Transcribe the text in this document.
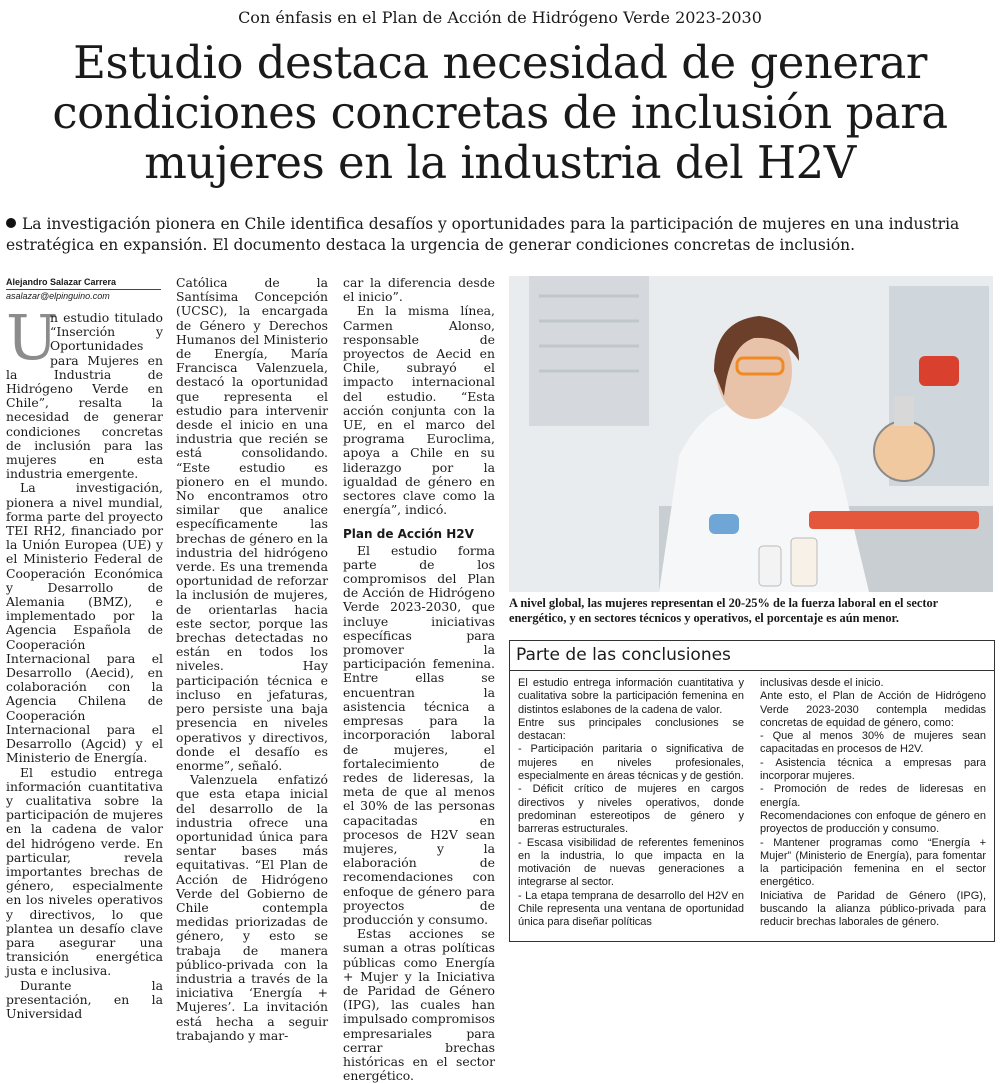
Con énfasis en el Plan de Acción de Hidrógeno Verde 2023-2030
Estudio destaca necesidad de generar condiciones concretas de inclusión para mujeres en la industria del H2V
La investigación pionera en Chile identifica desafíos y oportunidades para la participación de mujeres en una industria estratégica en expansión. El documento destaca la urgencia de generar condiciones concretas de inclusión.
Alejandro Salazar Carrera
asalazar@elpinguino.com

U
n estudio titulado “Inserción y Oportunidades para Mujeres en la Industria de Hidrógeno Verde en Chile”, resalta la necesidad de generar condiciones concretas de inclusión para las mujeres en esta industria emergente.

La investigación, pionera a nivel mundial, forma parte del proyecto TEI RH2, financiado por la Unión Europea (UE) y el Ministerio Federal de Cooperación Económica y Desarrollo de Alemania (BMZ), e implementado por la Agencia Española de Cooperación Internacional para el Desarrollo (Aecid), en colaboración con la Agencia Chilena de Cooperación Internacional para el Desarrollo (Agcid) y el Ministerio de Energía.

El estudio entrega información cuantitativa y cualitativa sobre la participación de mujeres en la cadena de valor del hidrógeno verde. En particular, revela importantes brechas de género, especialmente en los niveles operativos y directivos, lo que plantea un desafío clave para asegurar una transición energética justa e inclusiva.

Durante la presentación, en la Universidad

Católica de la Santísima Concepción (UCSC), la encargada de Género y Derechos Humanos del Ministerio de Energía, María Francisca Valenzuela, destacó la oportunidad que representa el estudio para intervenir desde el inicio en una industria que recién se está consolidando. “Este estudio es pionero en el mundo. No encontramos otro similar que analice específicamente las brechas de género en la industria del hidrógeno verde. Es una tremenda oportunidad de reforzar la inclusión de mujeres, de orientarlas hacia este sector, porque las brechas detectadas no están en todos los niveles. Hay participación técnica e incluso en jefaturas, pero persiste una baja presencia en niveles operativos y directivos, donde el desafío es enorme”, señaló.

Valenzuela enfatizó que esta etapa inicial del desarrollo de la industria ofrece una oportunidad única para sentar bases más equitativas. “El Plan de Acción de Hidrógeno Verde del Gobierno de Chile contempla medidas priorizadas de género, y esto se trabaja de manera público-privada con la industria a través de la iniciativa ‘Energía + Mujeres’. La invitación está hecha a seguir trabajando y mar-

car la diferencia desde el inicio”.

En la misma línea, Carmen Alonso, responsable de proyectos de Aecid en Chile, subrayó el impacto internacional del estudio. “Esta acción conjunta con la UE, en el marco del programa Euroclima, apoya a Chile en su liderazgo por la igualdad de género en sectores clave como la energía”, indicó.

Plan de Acción H2V

El estudio forma parte de los compromisos del Plan de Acción de Hidrógeno Verde 2023-2030, que incluye iniciativas específicas para promover la participación femenina. Entre ellas se encuentran la asistencia técnica a empresas para la incorporación laboral de mujeres, el fortalecimiento de redes de lideresas, la meta de que al menos el 30% de las personas capacitadas en procesos de H2V sean mujeres, y la elaboración de recomendaciones con enfoque de género para proyectos de producción y consumo.

Estas acciones se suman a otras políticas públicas como Energía + Mujer y la Iniciativa de Paridad de Género (IPG), las cuales han impulsado compromisos empresariales para cerrar brechas históricas en el sector energético.

A nivel global, las mujeres representan el 20-25% de la fuerza laboral en el sector energético, y en sectores técnicos y operativos, el porcentaje es aún menor.
Parte de las conclusiones

El estudio entrega información cuantitativa y cualitativa sobre la participación femenina en distintos eslabones de la cadena de valor.

Entre sus principales conclusiones se destacan:

- Participación paritaria o significativa de mujeres en niveles profesionales, especialmente en áreas técnicas y de gestión.

- Déficit crítico de mujeres en cargos directivos y niveles operativos, donde predominan estereotipos de género y barreras estructurales.

- Escasa visibilidad de referentes femeninos en la industria, lo que impacta en la motivación de nuevas generaciones a integrarse al sector.

- La etapa temprana de desarrollo del H2V en Chile representa una ventana de oportunidad única para diseñar políticas

inclusivas desde el inicio.

Ante esto, el Plan de Acción de Hidrógeno Verde 2023-2030 contempla medidas concretas de equidad de género, como:

- Que al menos 30% de mujeres sean capacitadas en procesos de H2V.

- Asistencia técnica a empresas para incorporar mujeres.

- Promoción de redes de lideresas en energía.

Recomendaciones con enfoque de género en proyectos de producción y consumo.

- Mantener programas como “Energía + Mujer” (Ministerio de Energía), para fomentar la participación femenina en el sector energético.

Iniciativa de Paridad de Género (IPG), buscando la alianza público-privada para reducir brechas laborales de género.
